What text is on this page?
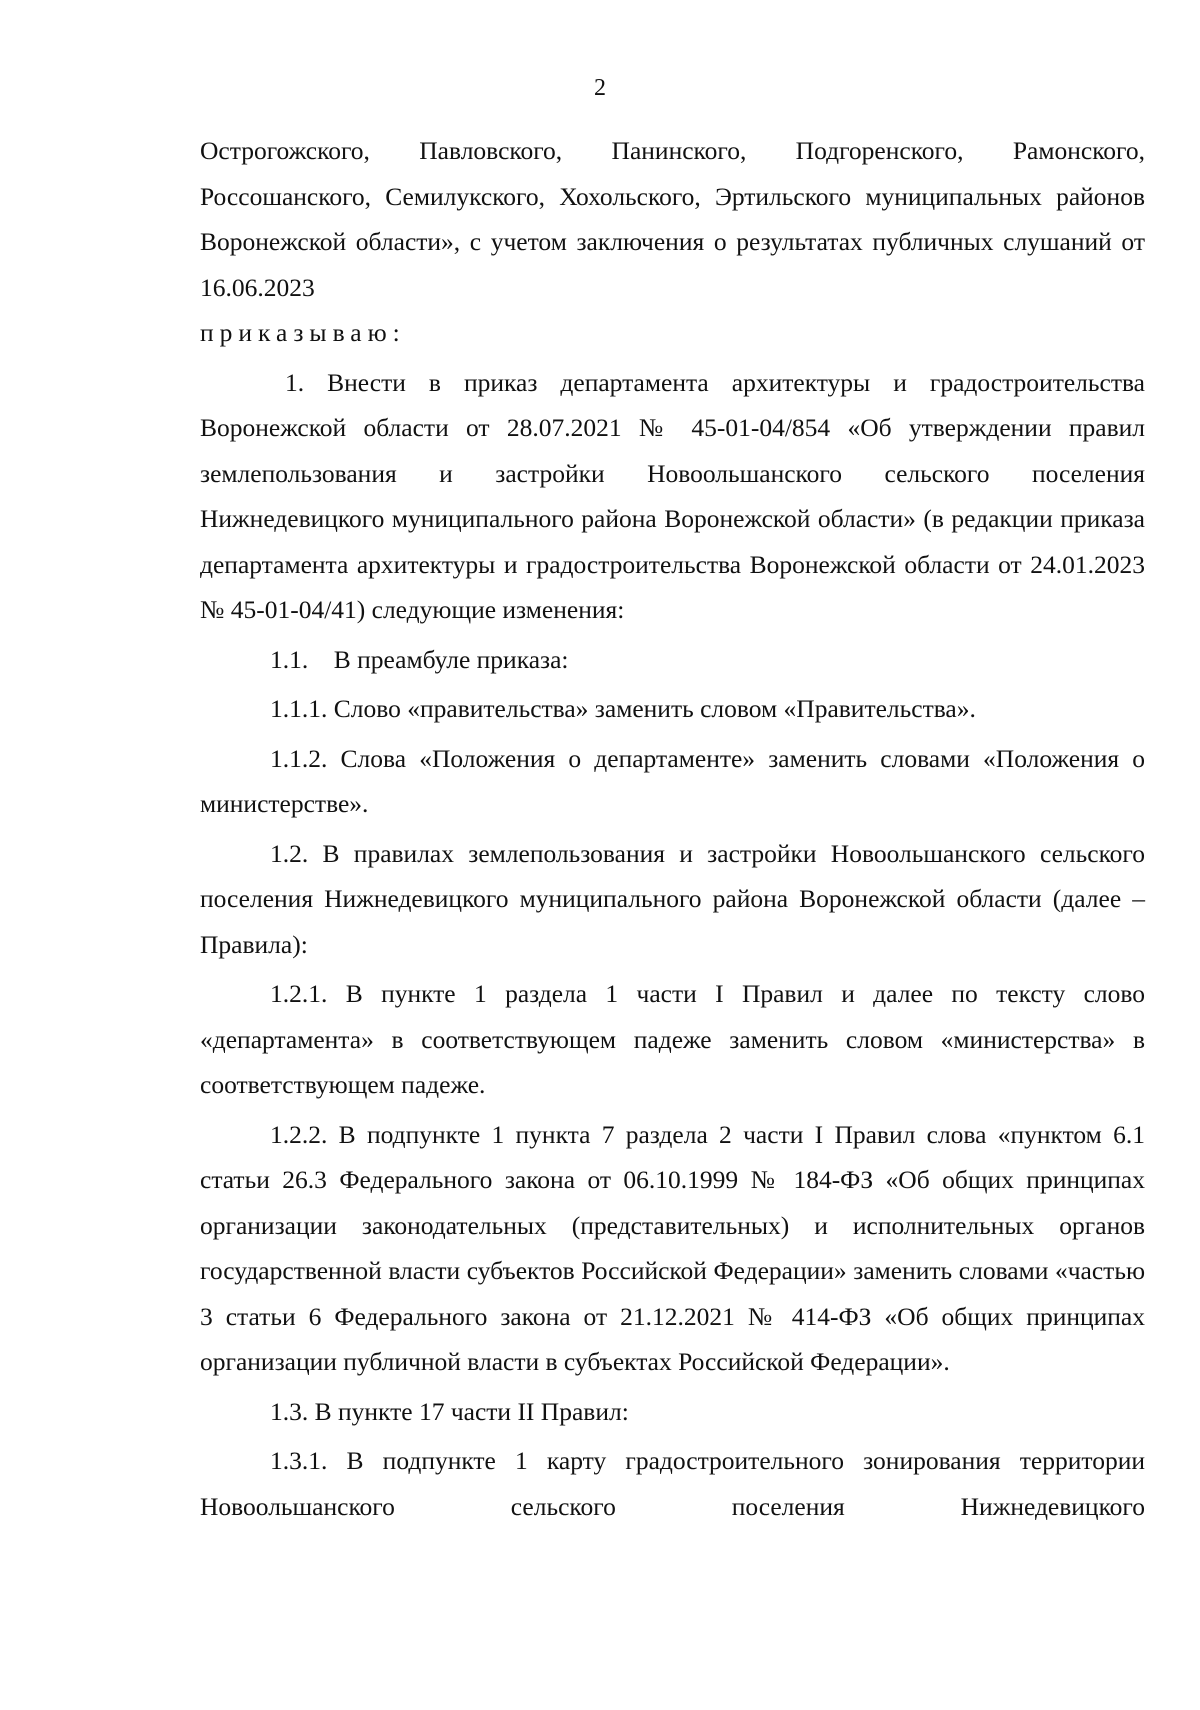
2

Острогожского, Павловского, Панинского, Подгоренского, Рамонского, Россошанского, Семилукского, Хохольского, Эртильского муниципальных районов Воронежской области», с учетом заключения о результатах публичных слушаний от 16.06.2023

приказываю:

1. Внести в приказ департамента архитектуры и градостроительства Воронежской области от 28.07.2021 № 45-01-04/854 «Об утверждении правил землепользования и застройки Новоольшанского сельского поселения Нижнедевицкого муниципального района Воронежской области» (в редакции приказа департамента архитектуры и градостроительства Воронежской области от 24.01.2023 № 45-01-04/41) следующие изменения:

1.1.    В преамбуле приказа:

1.1.1. Слово «правительства» заменить словом «Правительства».

1.1.2. Слова «Положения о департаменте» заменить словами «Положения о министерстве».

1.2. В правилах землепользования и застройки Новоольшанского сельского поселения Нижнедевицкого муниципального района Воронежской области (далее – Правила):

1.2.1. В пункте 1 раздела 1 части I Правил и далее по тексту слово «департамента» в соответствующем падеже заменить словом «министерства» в соответствующем падеже.

1.2.2. В подпункте 1 пункта 7 раздела 2 части I Правил слова «пунктом 6.1 статьи 26.3 Федерального закона от 06.10.1999 № 184-ФЗ «Об общих принципах организации законодательных (представительных) и исполнительных органов государственной власти субъектов Российской Федерации» заменить словами «частью 3 статьи 6 Федерального закона от 21.12.2021 № 414-ФЗ «Об общих принципах организации публичной власти в субъектах Российской Федерации».

1.3. В пункте 17 части II Правил:

1.3.1. В подпункте 1 карту градостроительного зонирования территории Новоольшанского сельского поселения Нижнедевицкого
